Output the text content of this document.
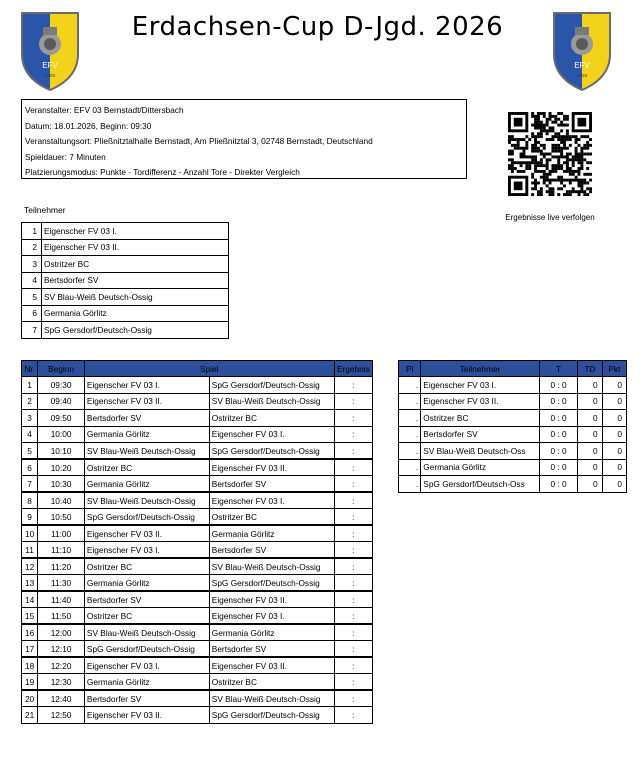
EFV
2003
EFV
2003
Erdachsen-Cup D-Jgd. 2026
Veranstalter: EFV 03 Bernstadt/Dittersbach
Datum: 18.01.2026, Beginn: 09:30
Veranstaltungsort: Pließnitztalhalle Bernstadt, Am Pließnitztal 3, 02748 Bernstadt, Deutschland
Spieldauer: 7 Minuten
Platzierungsmodus: Punkte - Tordifferenz - Anzahl Tore - Direkter Vergleich
Ergebnisse live verfolgen
Teilnehmer
1	Eigenscher FV 03 I.
2	Eigenscher FV 03 II.
3	Ostritzer BC
4	Bertsdorfer SV
5	SV Blau-Weiß Deutsch-Ossig
6	Germania Görlitz
7	SpG Gersdorf/Deutsch-Ossig
Nr.	Beginn	Spiel		Ergebnis
1	09:30	Eigenscher FV 03 I.	SpG Gersdorf/Deutsch-Ossig	:
2	09:40	Eigenscher FV 03 II.	SV Blau-Weiß Deutsch-Ossig	:
3	09:50	Bertsdorfer SV	Ostritzer BC	:
4	10:00	Germania Görlitz	Eigenscher FV 03 I.	:
5	10:10	SV Blau-Weiß Deutsch-Ossig	SpG Gersdorf/Deutsch-Ossig	:
6	10:20	Ostritzer BC	Eigenscher FV 03 II.	:
7	10:30	Germania Görlitz	Bertsdorfer SV	:
8	10:40	SV Blau-Weiß Deutsch-Ossig	Eigenscher FV 03 I.	:
9	10:50	SpG Gersdorf/Deutsch-Ossig	Ostritzer BC	:
10	11:00	Eigenscher FV 03 II.	Germania Görlitz	:
11	11:10	Eigenscher FV 03 I.	Bertsdorfer SV	:
12	11:20	Ostritzer BC	SV Blau-Weiß Deutsch-Ossig	:
13	11:30	Germania Görlitz	SpG Gersdorf/Deutsch-Ossig	:
14	11:40	Bertsdorfer SV	Eigenscher FV 03 II.	:
15	11:50	Ostritzer BC	Eigenscher FV 03 I.	:
16	12:00	SV Blau-Weiß Deutsch-Ossig	Germania Görlitz	:
17	12:10	SpG Gersdorf/Deutsch-Ossig	Bertsdorfer SV	:
18	12:20	Eigenscher FV 03 I.	Eigenscher FV 03 II.	:
19	12:30	Germania Görlitz	Ostritzer BC	:
20	12:40	Bertsdorfer SV	SV Blau-Weiß Deutsch-Ossig	:
21	12:50	Eigenscher FV 03 II.	SpG Gersdorf/Deutsch-Ossig	:
Pl	Teilnehmer	T	TD	Pkt
.	Eigenscher FV 03 I.	0 : 0	0	0
.	Eigenscher FV 03 II.	0 : 0	0	0
.	Ostritzer BC	0 : 0	0	0
.	Bertsdorfer SV	0 : 0	0	0
.	SV Blau-Weiß Deutsch-Oss	0 : 0	0	0
.	Germania Görlitz	0 : 0	0	0
.	SpG Gersdorf/Deutsch-Oss	0 : 0	0	0
